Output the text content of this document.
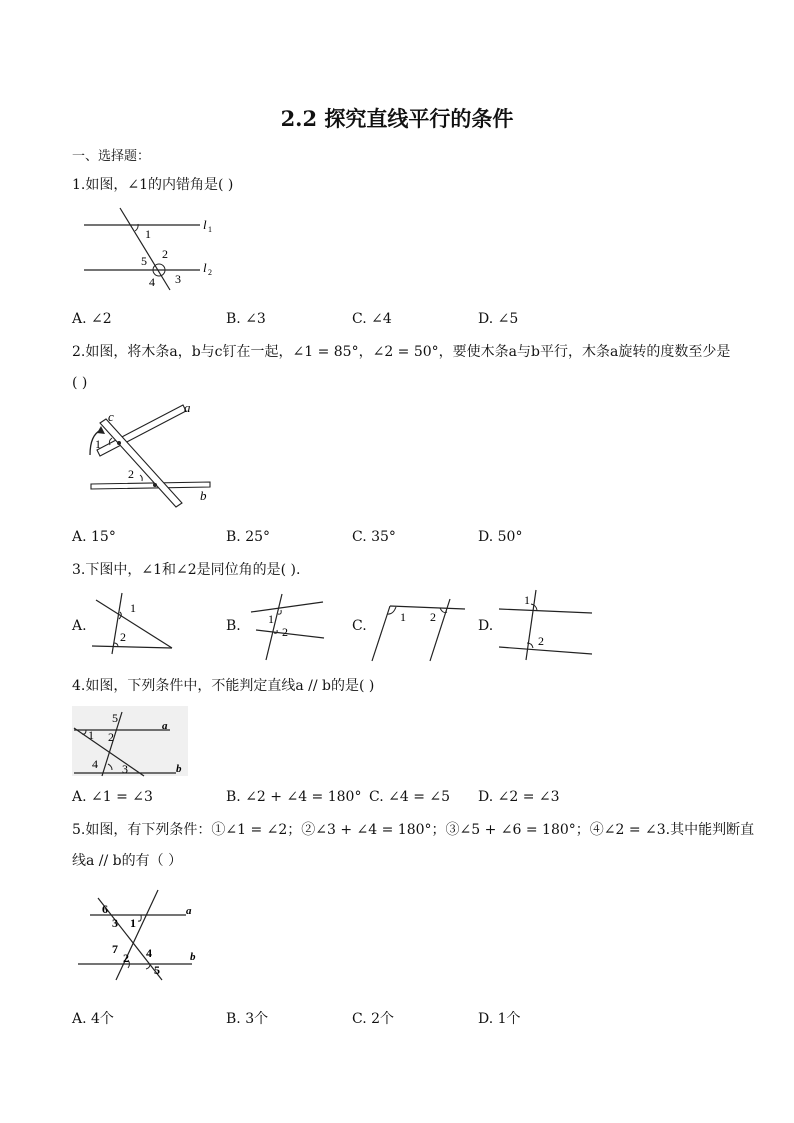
2.2 探究直线平行的条件
一、选择题：
1.如图，∠1的内错角是( )
l 1
l 2
1
2
3
4
5
A. ∠2	B. ∠3	C. ∠4	D. ∠5
2.如图，将木条a，b与c钉在一起，∠1 = 85°，∠2 = 50°，要使木条a与b平行，木条a旋转的度数至少是
( )
a
b
c
1
2
A. 15°	B. 25°	C. 35°	D. 50°
3.下图中，∠1和∠2是同位角的是( ).
A.
1
2
B. 1
2	C.
1 2
D.
1
2
4.如图，下列条件中，不能判定直线a // b的是( )
5
1 2
4 3
a
b
A. ∠1 = ∠3	B. ∠2 + ∠4 = 180° C. ∠4 = ∠5 D. ∠2 = ∠3
5.如图，有下列条件：①∠1 = ∠2；②∠3 + ∠4 = 180°；③∠5 + ∠6 = 180°；④∠2 = ∠3.其中能判断直
线a // b的有（ ）
6
3 1
7
2 4
5
a
b
A. 4个	B. 3个	C. 2个	D. 1个
